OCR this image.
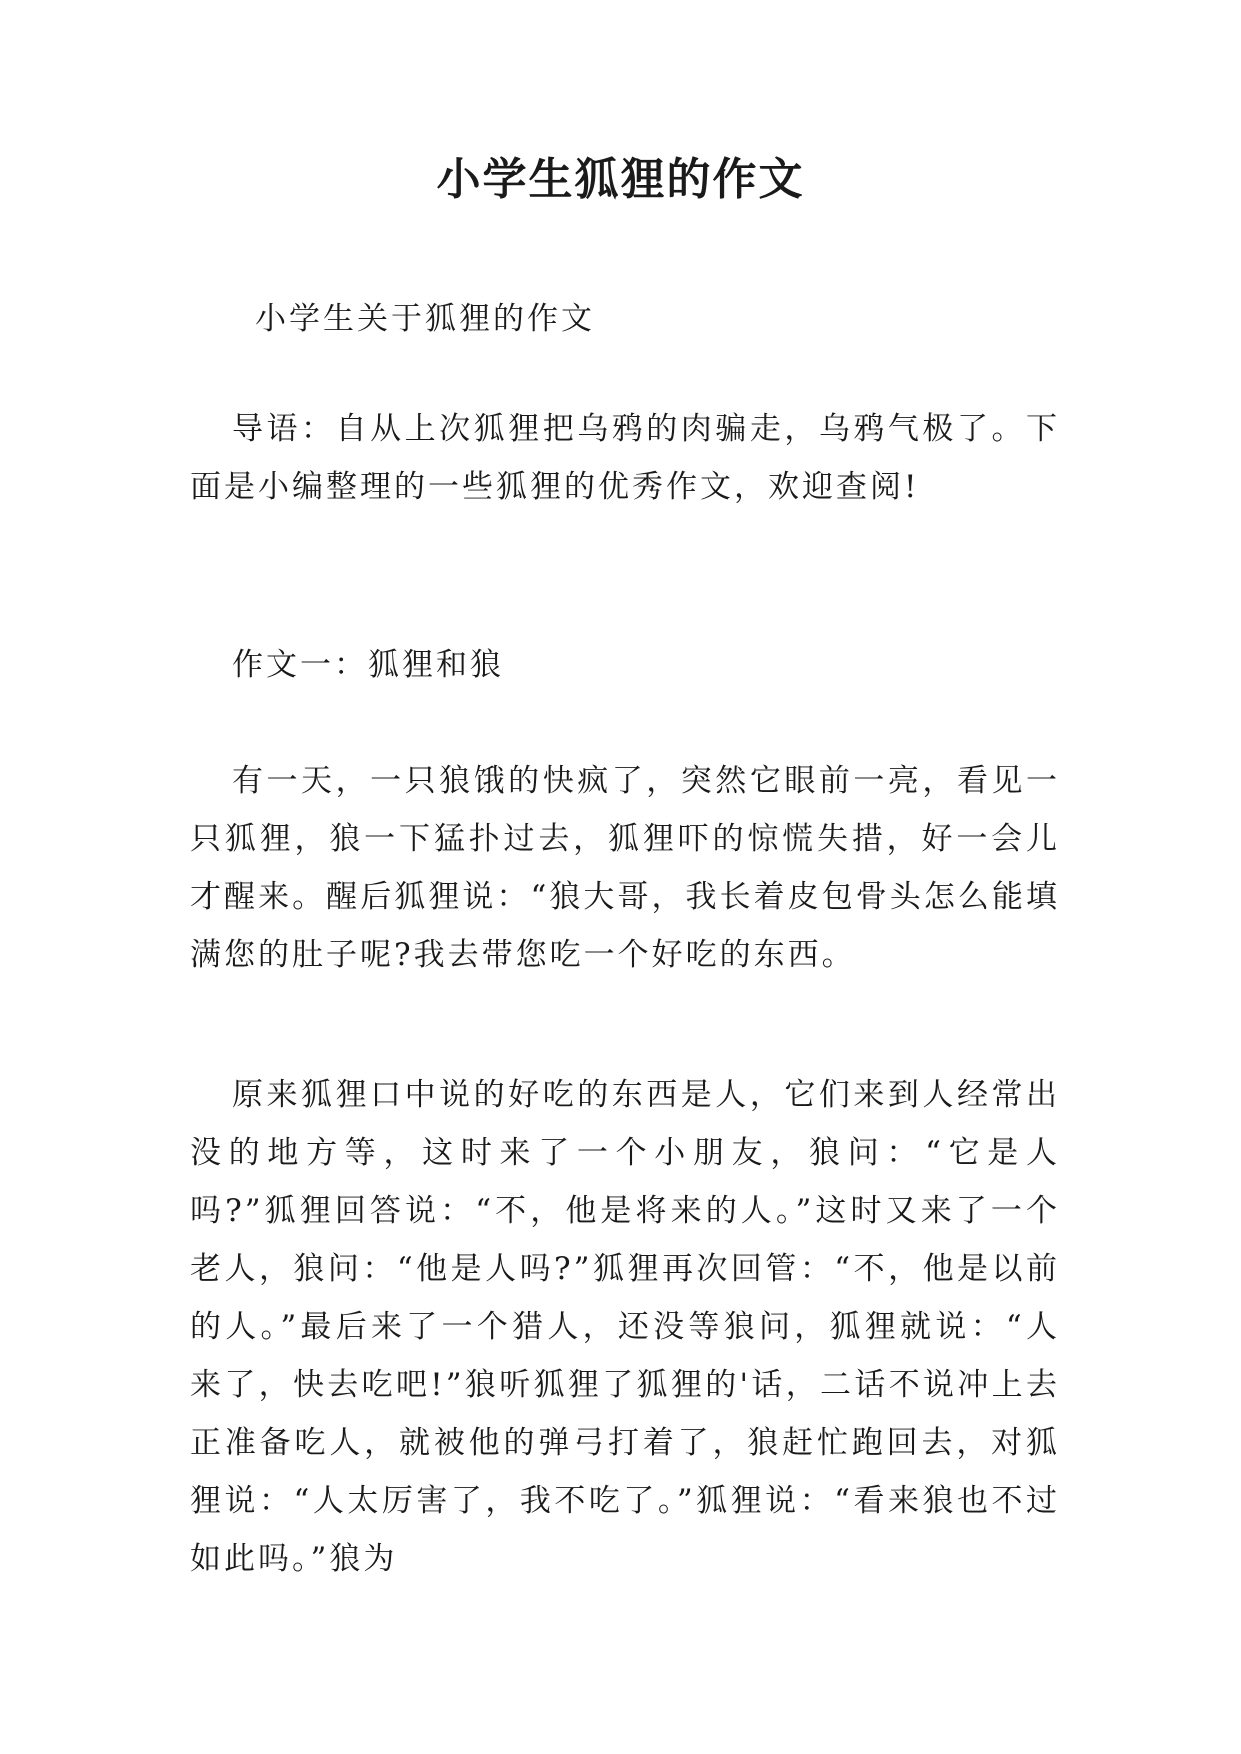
小学生狐狸的作文

小学生关于狐狸的作文

导语：自从上次狐狸把乌鸦的肉骗走，乌鸦气极了。下面是小编整理的一些狐狸的优秀作文，欢迎查阅!

作文一：狐狸和狼

有一天，一只狼饿的快疯了，突然它眼前一亮，看见一只狐狸，狼一下猛扑过去，狐狸吓的惊慌失措，好一会儿才醒来。醒后狐狸说：“狼大哥，我长着皮包骨头怎么能填满您的肚子呢?我去带您吃一个好吃的东西。

原来狐狸口中说的好吃的东西是人，它们来到人经常出没的地方等，这时来了一个小朋友，狼问：“它是人吗?”狐狸回答说：“不，他是将来的人。”这时又来了一个老人，狼问：“他是人吗?”狐狸再次回管：“不，他是以前的人。”最后来了一个猎人，还没等狼问，狐狸就说：“人来了，快去吃吧!”狼听狐狸了狐狸的'话，二话不说冲上去正准备吃人，就被他的弹弓打着了，狼赶忙跑回去，对狐狸说：“人太厉害了，我不吃了。”狐狸说：“看来狼也不过如此吗。”狼为
